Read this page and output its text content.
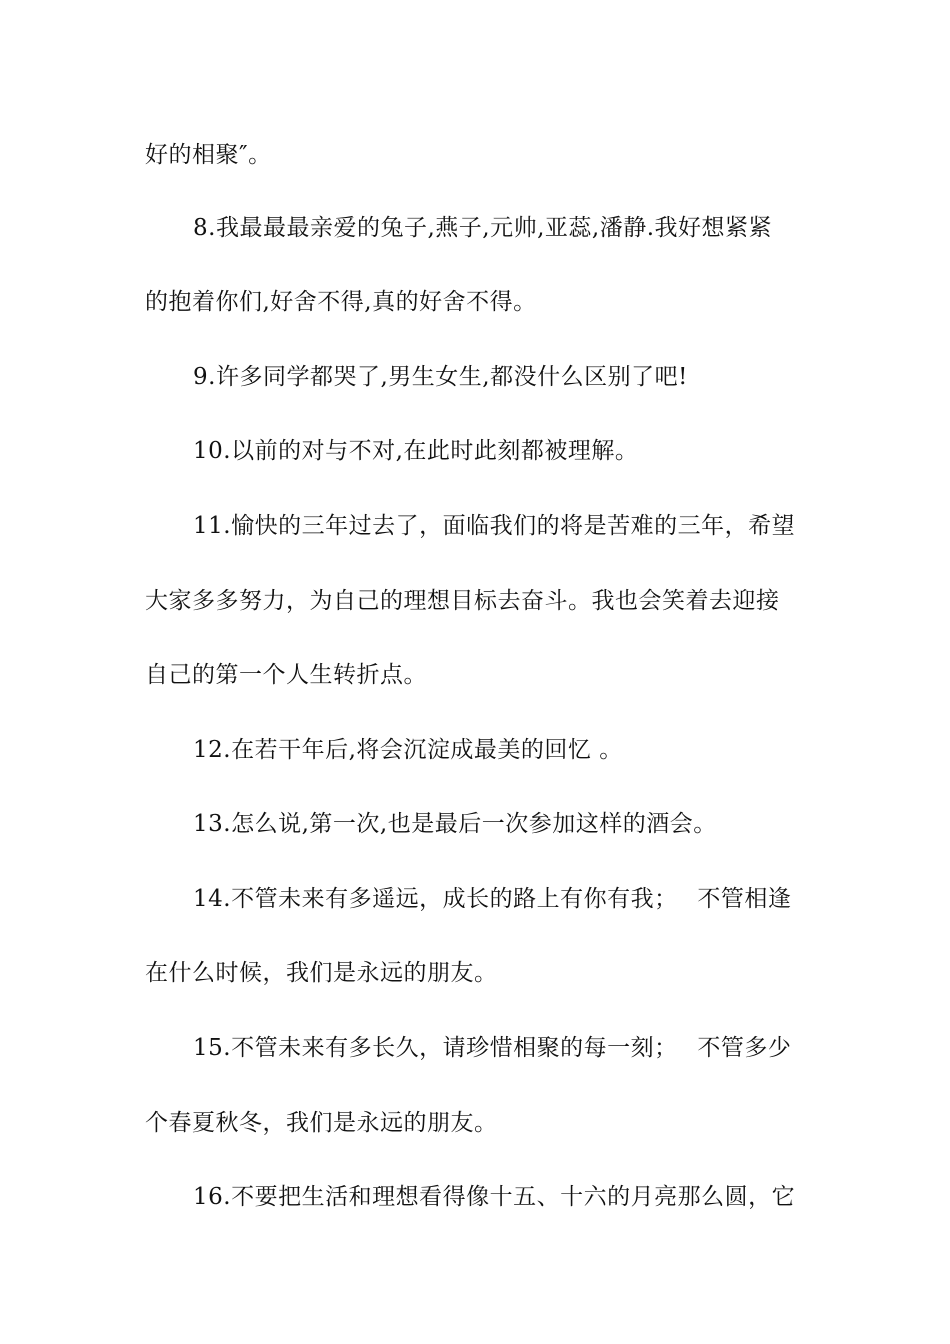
好的相聚″。
8.我最最最亲爱的兔子,燕子,元帅,亚蕊,潘静.我好想紧紧
的抱着你们,好舍不得,真的好舍不得。
9.许多同学都哭了,男生女生,都没什么区别了吧!
10.以前的对与不对,在此时此刻都被理解。
11.愉快的三年过去了，面临我们的将是苦难的三年，希望
大家多多努力，为自己的理想目标去奋斗。我也会笑着去迎接
自己的第一个人生转折点。
12.在若干年后,将会沉淀成最美的回忆 。
13.怎么说,第一次,也是最后一次参加这样的酒会。
14.不管未来有多遥远，成长的路上有你有我；　 不管相逢
在什么时候，我们是永远的朋友。
15.不管未来有多长久，请珍惜相聚的每一刻；　 不管多少
个春夏秋冬，我们是永远的朋友。
16.不要把生活和理想看得像十五、十六的月亮那么圆，它
